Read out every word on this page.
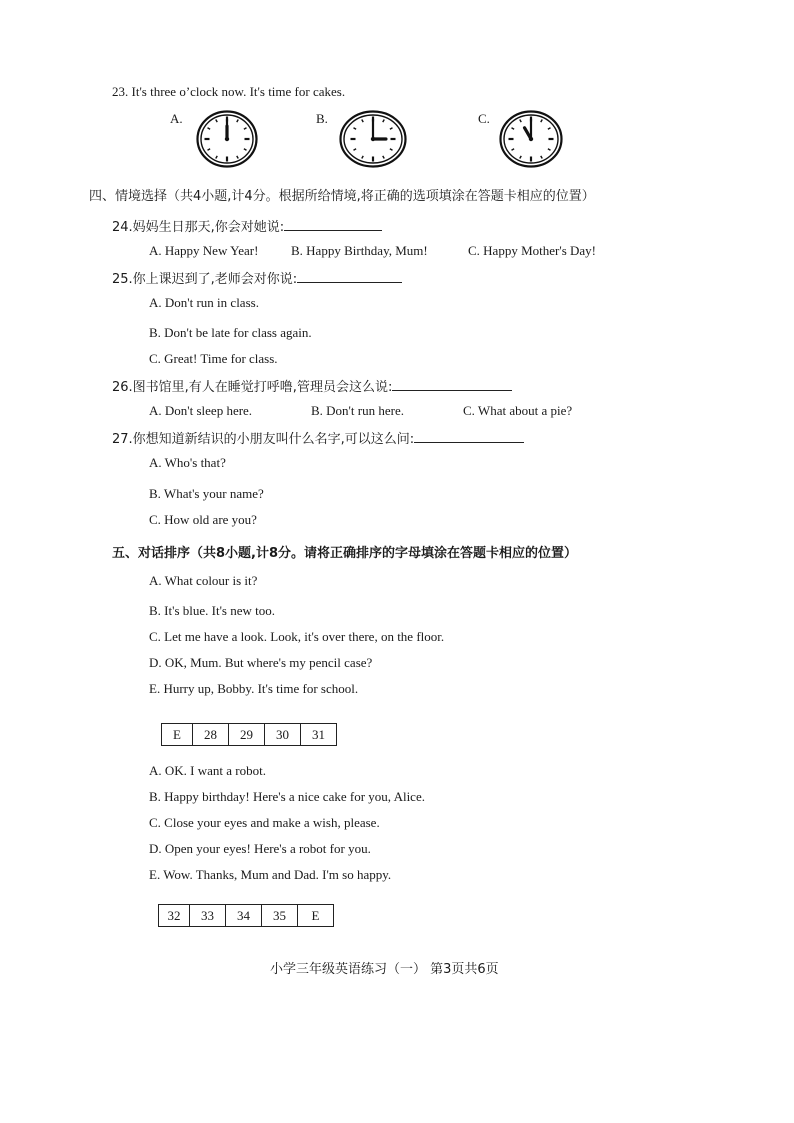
23. It's three o’clock now. It's time for cakes.
A.	B.	C.
四、情境选择（共4小题,计4分。根据所给情境,将正确的选项填涂在答题卡相应的位置）
24.妈妈生日那天,你会对她说:
A. Happy New Year!	B. Happy Birthday, Mum!	C. Happy Mother's Day!
25.你上课迟到了,老师会对你说:
A. Don't run in class.
B. Don't be late for class again.
C. Great! Time for class.
26.图书馆里,有人在睡觉打呼噜,管理员会这么说:
A. Don't sleep here.	B. Don't run here.	C. What about a pie?
27.你想知道新结识的小朋友叫什么名字,可以这么问:
A. Who's that?
B. What's your name?
C. How old are you?
五、对话排序（共8小题,计8分。请将正确排序的字母填涂在答题卡相应的位置）
A. What colour is it?
B. It's blue. It's new too.
C. Let me have a look. Look, it's over there, on the floor.
D. OK, Mum. But where's my pencil case?
E. Hurry up, Bobby. It's time for school.
E	28	29	30	31
A. OK. I want a robot.
B. Happy birthday! Here's a nice cake for you, Alice.
C. Close your eyes and make a wish, please.
D. Open your eyes! Here's a robot for you.
E. Wow. Thanks, Mum and Dad. I'm so happy.
32	33	34	35	E
小学三年级英语练习（一） 第3页共6页
